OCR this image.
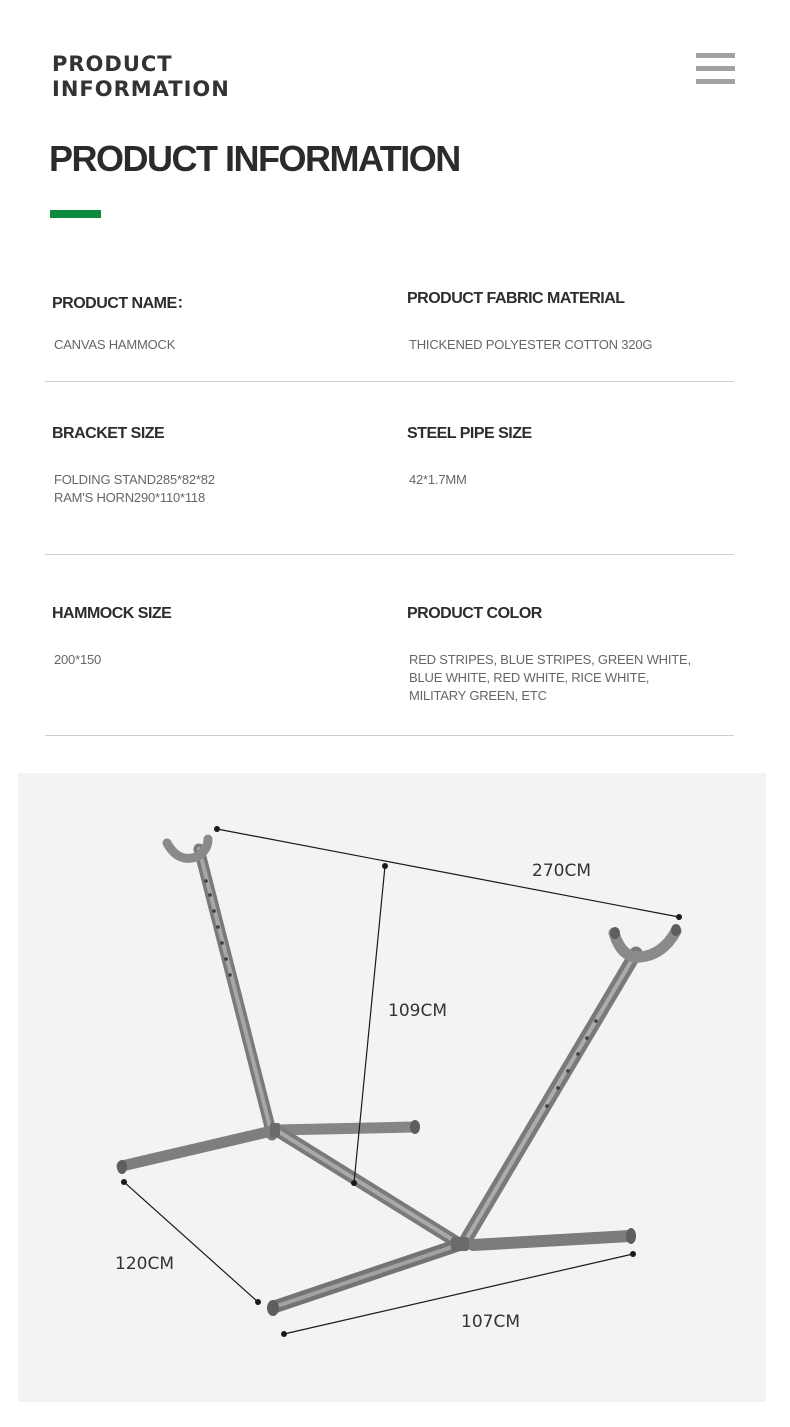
PRODUCT
INFORMATION
PRODUCT INFORMATION
PRODUCT NAME：
CANVAS HAMMOCK
PRODUCT FABRIC MATERIAL
THICKENED POLYESTER COTTON 320G
BRACKET SIZE
FOLDING STAND285*82*82
RAM'S HORN290*110*118
STEEL PIPE SIZE
42*1.7MM
HAMMOCK SIZE
200*150
PRODUCT COLOR
RED STRIPES, BLUE STRIPES, GREEN WHITE,
BLUE WHITE, RED WHITE, RICE WHITE,
MILITARY GREEN, ETC
270CM
109CM
120CM
107CM
